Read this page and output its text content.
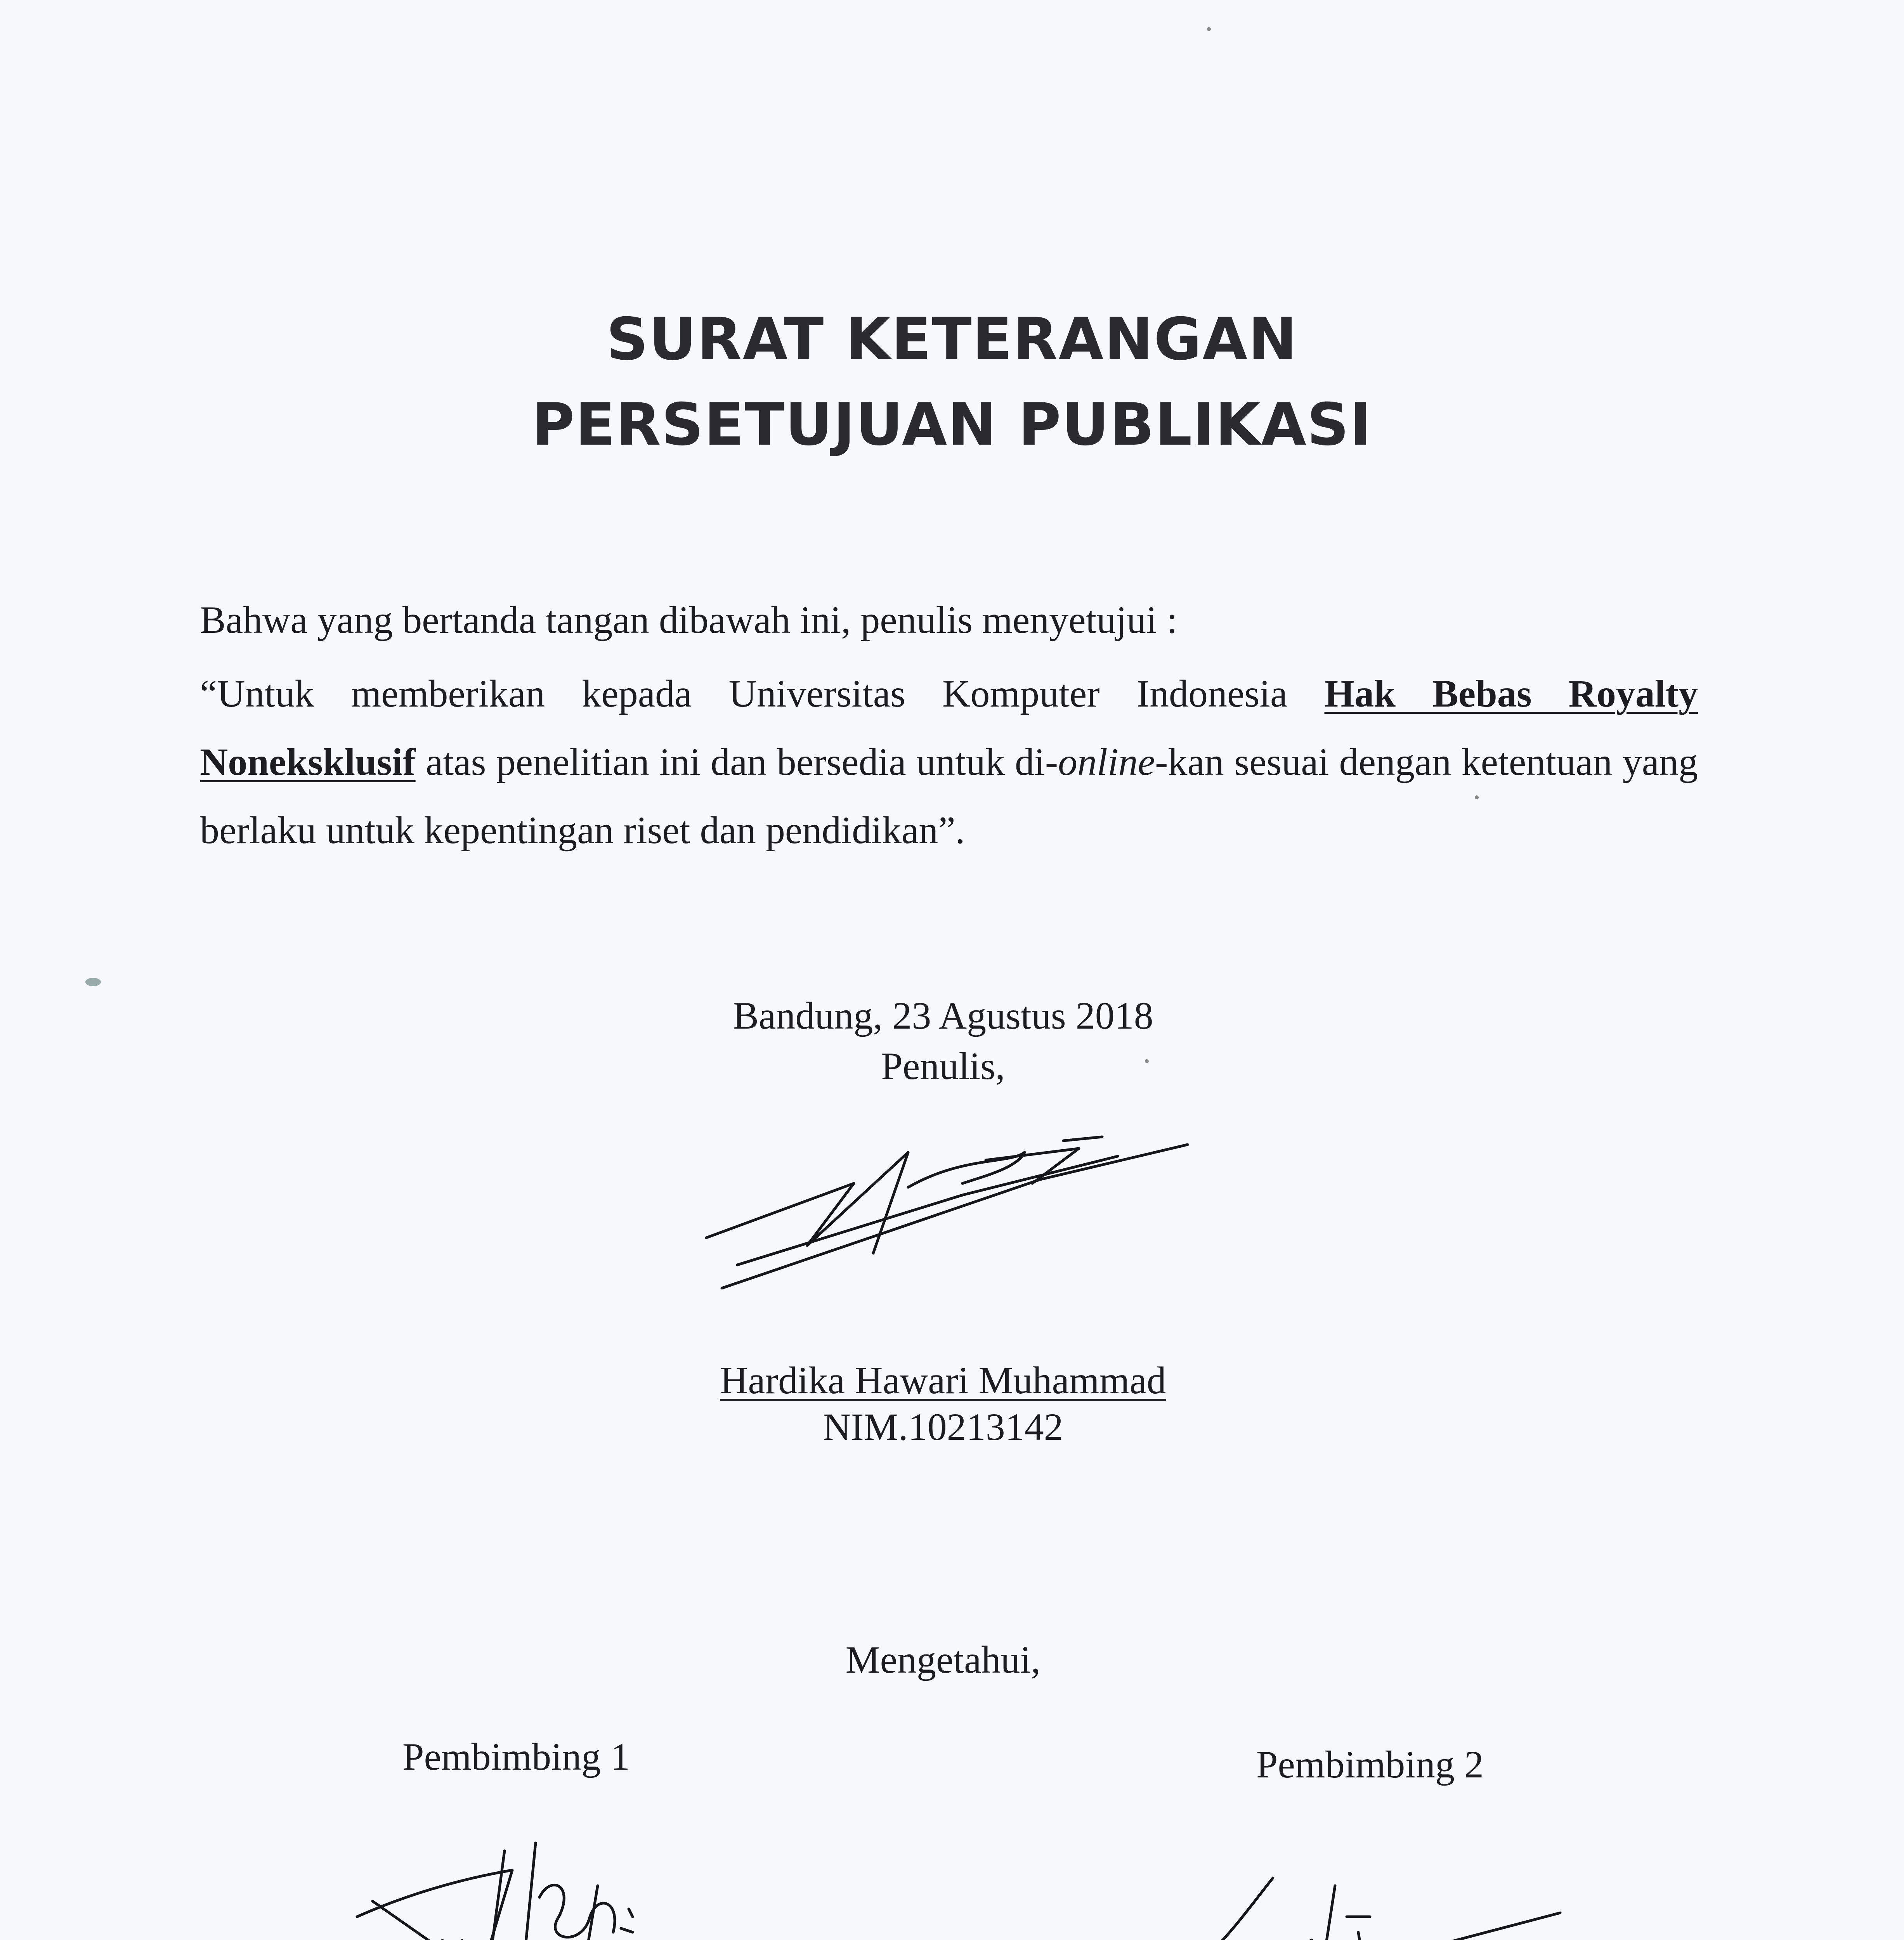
SURAT KETERANGAN
PERSETUJUAN PUBLIKASI
Bahwa yang bertanda tangan dibawah ini, penulis menyetujui :
“Untuk memberikan kepada Universitas Komputer Indonesia Hak Bebas Royalty Noneksklusif atas penelitian ini dan bersedia untuk di-online-kan sesuai dengan ketentuan yang berlaku untuk kepentingan riset dan pendidikan”.
Bandung, 23 Agustus 2018
Penulis,
Hardika Hawari Muhammad
NIM.10213142
Mengetahui,
Pembimbing 1	Pembimbing 2
